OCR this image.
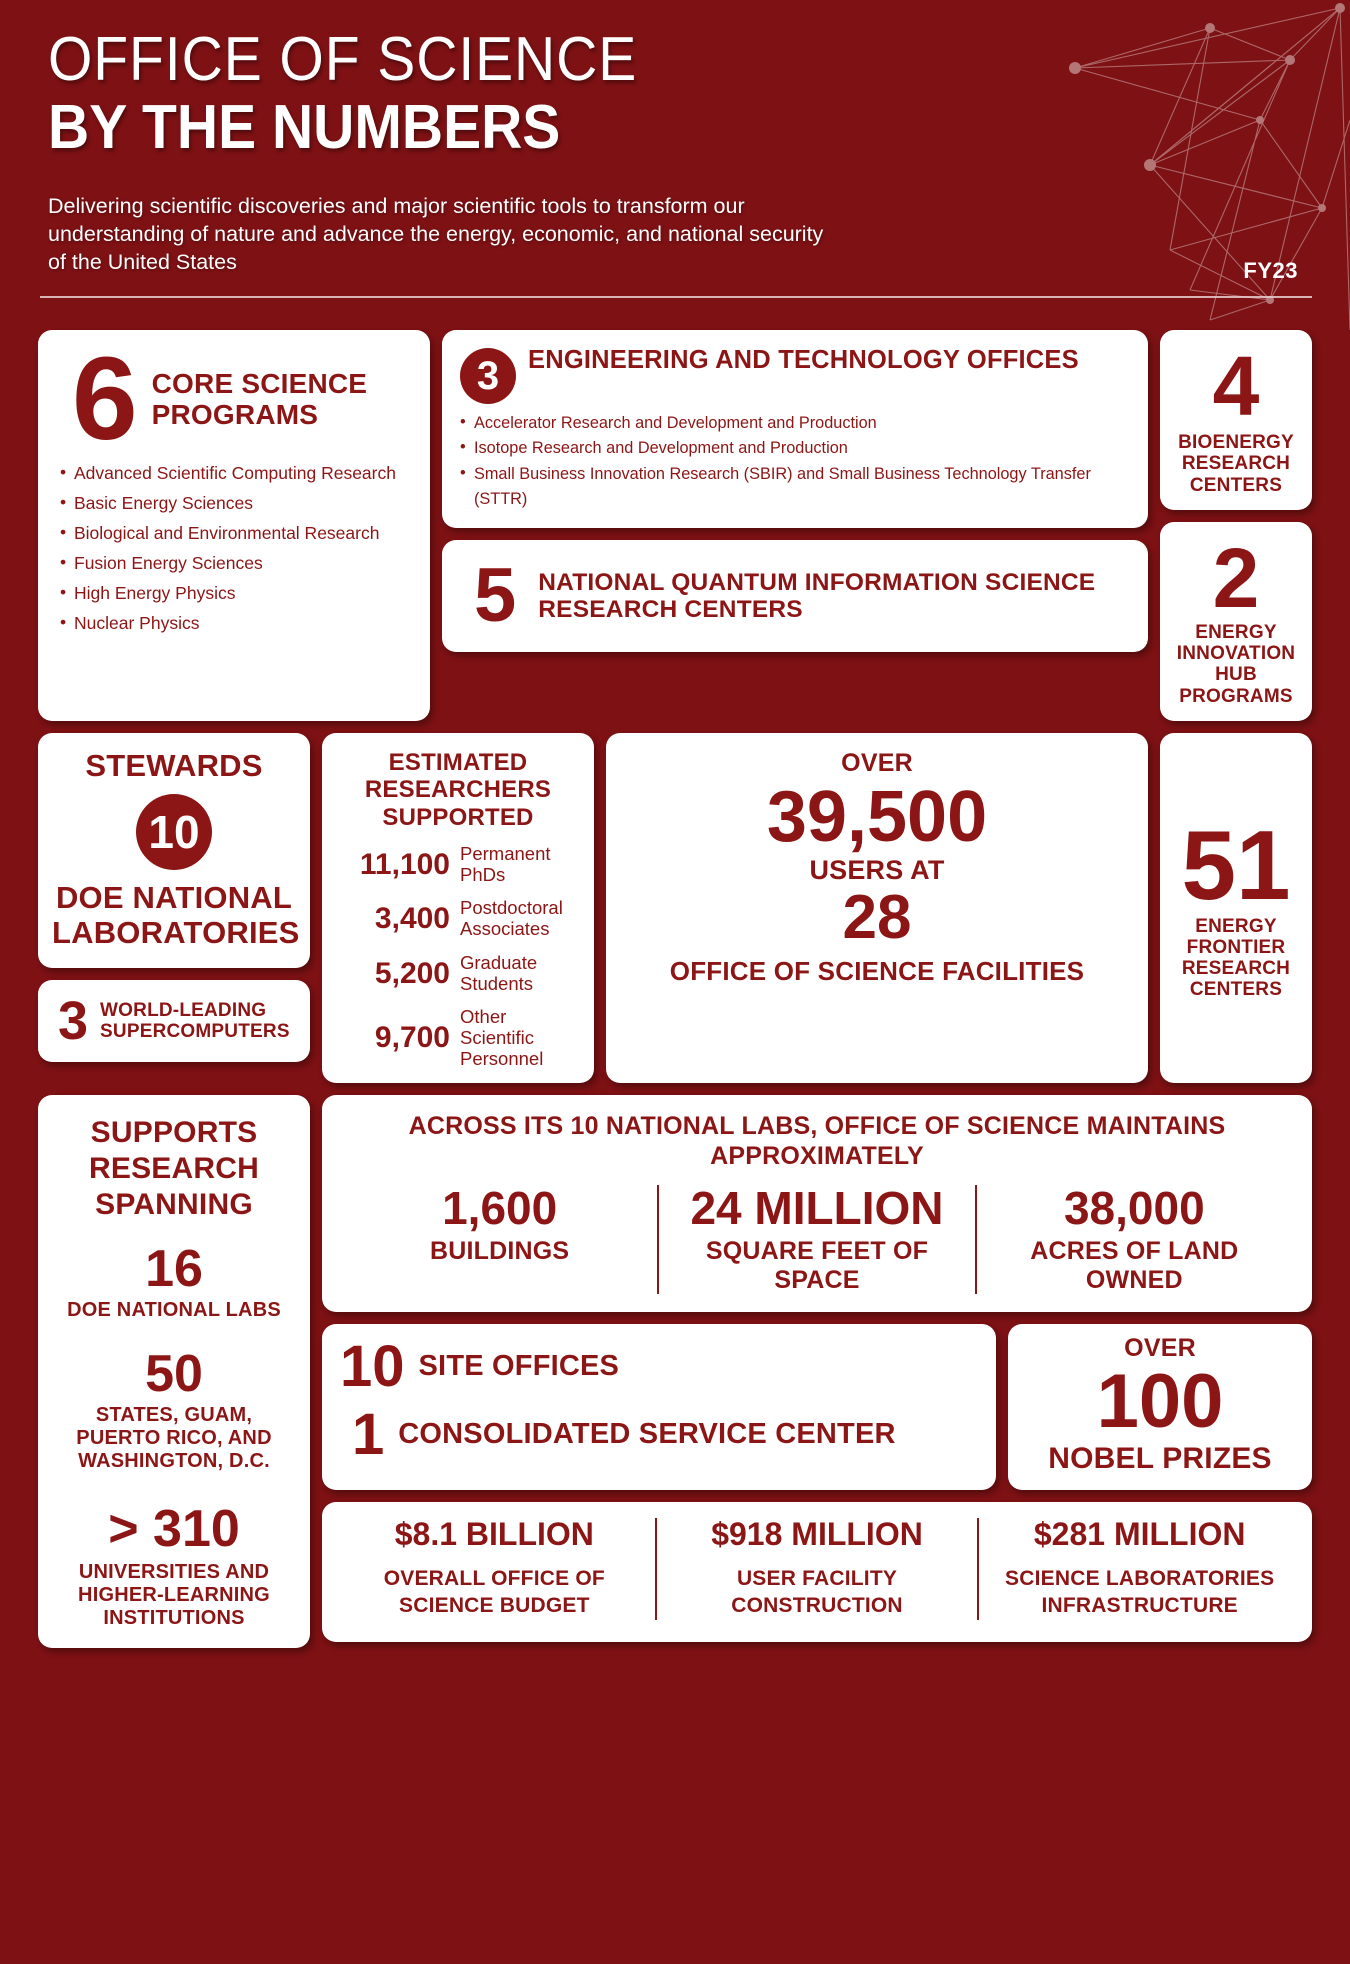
OFFICE OF SCIENCE
BY THE NUMBERS
Delivering scientific discoveries and major scientific tools to transform our understanding of nature and advance the energy, economic, and national security of the United States	FY23
6 CORE SCIENCE PROGRAMS
• Advanced Scientific Computing Research
• Basic Energy Sciences
• Biological and Environmental Research
• Fusion Energy Sciences
• High Energy Physics
• Nuclear Physics
3	ENGINEERING AND TECHNOLOGY OFFICES
• Accelerator Research and Development and Production
• Isotope Research and Development and Production
• Small Business Innovation Research (SBIR) and Small Business Technology Transfer (STTR)
5 NATIONAL QUANTUM INFORMATION SCIENCE RESEARCH CENTERS
4
BIOENERGY RESEARCH CENTERS
2
ENERGY INNOVATION HUB PROGRAMS
STEWARDS
10
DOE NATIONAL LABORATORIES
3 WORLD-LEADING SUPERCOMPUTERS
ESTIMATED RESEARCHERS SUPPORTED
11,100 Permanent PhDs
3,400 Postdoctoral Associates
5,200 Graduate Students
9,700
Other Scientific Personnel
OVER
39,500
USERS AT
28
OFFICE OF SCIENCE FACILITIES
51
ENERGY FRONTIER RESEARCH CENTERS
SUPPORTS RESEARCH SPANNING
16
DOE NATIONAL LABS
50
STATES, GUAM, PUERTO RICO, AND WASHINGTON, D.C.
> 310
UNIVERSITIES AND HIGHER-LEARNING INSTITUTIONS
ACROSS ITS 10 NATIONAL LABS, OFFICE OF SCIENCE MAINTAINS APPROXIMATELY
1,600
BUILDINGS
24 MILLION
SQUARE FEET OF SPACE
38,000
ACRES OF LAND OWNED
10 SITE OFFICES
1 CONSOLIDATED SERVICE CENTER
OVER
100
NOBEL PRIZES
$8.1 BILLION
OVERALL OFFICE OF SCIENCE BUDGET
$918 MILLION
USER FACILITY CONSTRUCTION
$281 MILLION
SCIENCE LABORATORIES INFRASTRUCTURE
